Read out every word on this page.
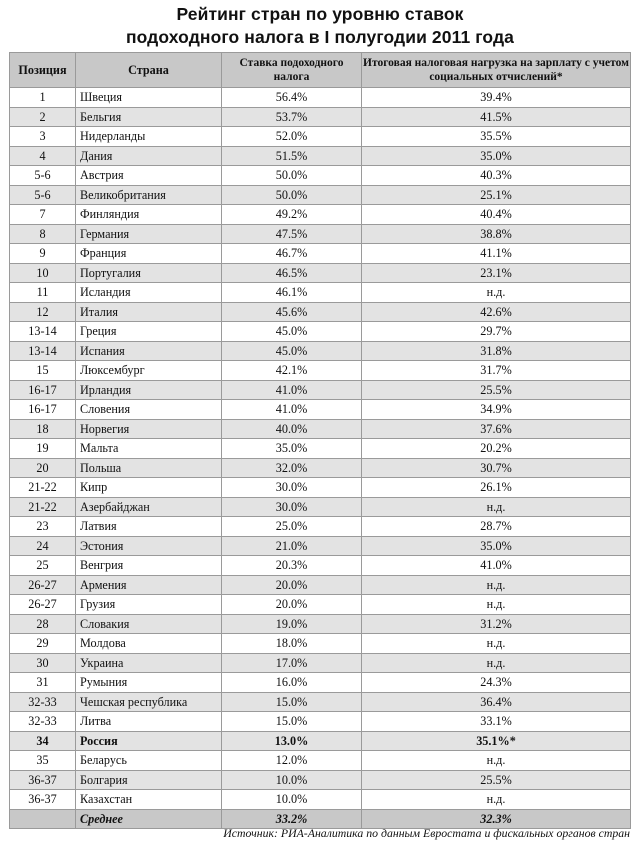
Рейтинг стран по уровню ставок
подоходного налога в I полугодии 2011 года
Позиция	Страна	Ставка подоходного налога	Итоговая налоговая нагрузка на зарплату с учетом социальных отчислений*
1	Швеция	56.4%	39.4%
2	Бельгия	53.7%	41.5%
3	Нидерланды	52.0%	35.5%
4	Дания	51.5%	35.0%
5-6	Австрия	50.0%	40.3%
5-6	Великобритания	50.0%	25.1%
7	Финляндия	49.2%	40.4%
8	Германия	47.5%	38.8%
9	Франция	46.7%	41.1%
10	Португалия	46.5%	23.1%
11	Исландия	46.1%	н.д.
12	Италия	45.6%	42.6%
13-14	Греция	45.0%	29.7%
13-14	Испания	45.0%	31.8%
15	Люксембург	42.1%	31.7%
16-17	Ирландия	41.0%	25.5%
16-17	Словения	41.0%	34.9%
18	Норвегия	40.0%	37.6%
19	Мальта	35.0%	20.2%
20	Польша	32.0%	30.7%
21-22	Кипр	30.0%	26.1%
21-22	Азербайджан	30.0%	н.д.
23	Латвия	25.0%	28.7%
24	Эстония	21.0%	35.0%
25	Венгрия	20.3%	41.0%
26-27	Армения	20.0%	н.д.
26-27	Грузия	20.0%	н.д.
28	Словакия	19.0%	31.2%
29	Молдова	18.0%	н.д.
30	Украина	17.0%	н.д.
31	Румыния	16.0%	24.3%
32-33	Чешская республика	15.0%	36.4%
32-33	Литва	15.0%	33.1%
34	Россия	13.0%	35.1%*
35	Беларусь	12.0%	н.д.
36-37	Болгария	10.0%	25.5%
36-37	Казахстан	10.0%	н.д.
	Среднее	33.2%	32.3%
Источник: РИА-Аналитика по данным Евростата и фискальных органов стран
